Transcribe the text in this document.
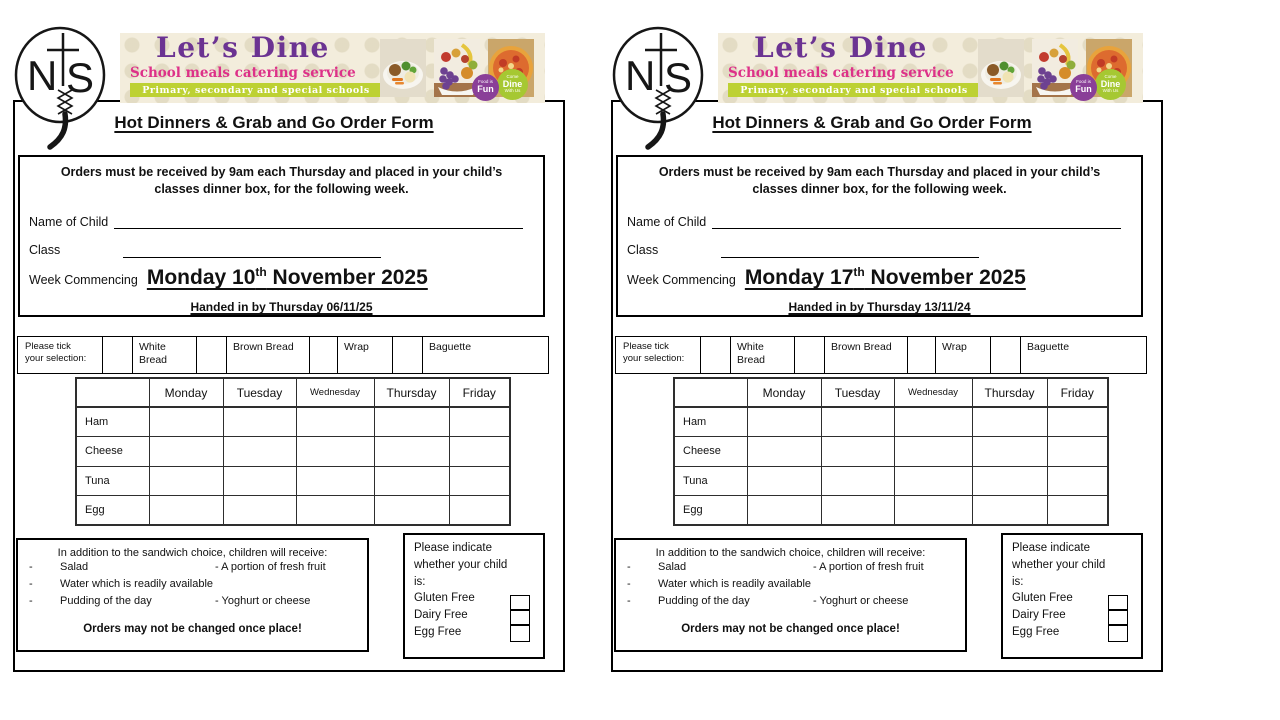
N S
Let’s Dine
School meals catering service
Primary, secondary and special schools
Come
Dine
With Us
Food is
Fun
Hot Dinners & Grab and Go Order Form

Orders must be received by 9am each Thursday and placed in your child’s
classes dinner box, for the following week.

Name of Child
Class
Week Commencing Monday 10th November 2025
Handed in by Thursday 06/11/25
Please tick
your selection:
White Bread
Brown Bread	Wrap	Baguette
	Monday	Tuesday	Wednesday	Thursday	Friday
Ham					
Cheese					
Tuna					
Egg					
In addition to the sandwich choice, children will receive:
- Salad	- A portion of fresh fruit
- Water which is readily available
- Pudding of the day	- Yoghurt or cheese
Orders may not be changed once place!
Please indicate
whether your child
is:
Gluten Free
Dairy Free
Egg Free
N S
Let’s Dine
School meals catering service
Primary, secondary and special schools
Come
Dine
With Us
Food is
Fun
Hot Dinners & Grab and Go Order Form

Orders must be received by 9am each Thursday and placed in your child’s
classes dinner box, for the following week.

Name of Child
Class
Week Commencing Monday 17th November 2025
Handed in by Thursday 13/11/24
Please tick
your selection:
White Bread
Brown Bread	Wrap	Baguette
	Monday	Tuesday	Wednesday	Thursday	Friday
Ham					
Cheese					
Tuna					
Egg					
In addition to the sandwich choice, children will receive:
- Salad	- A portion of fresh fruit
- Water which is readily available
- Pudding of the day	- Yoghurt or cheese
Orders may not be changed once place!
Please indicate
whether your child
is:
Gluten Free
Dairy Free
Egg Free
